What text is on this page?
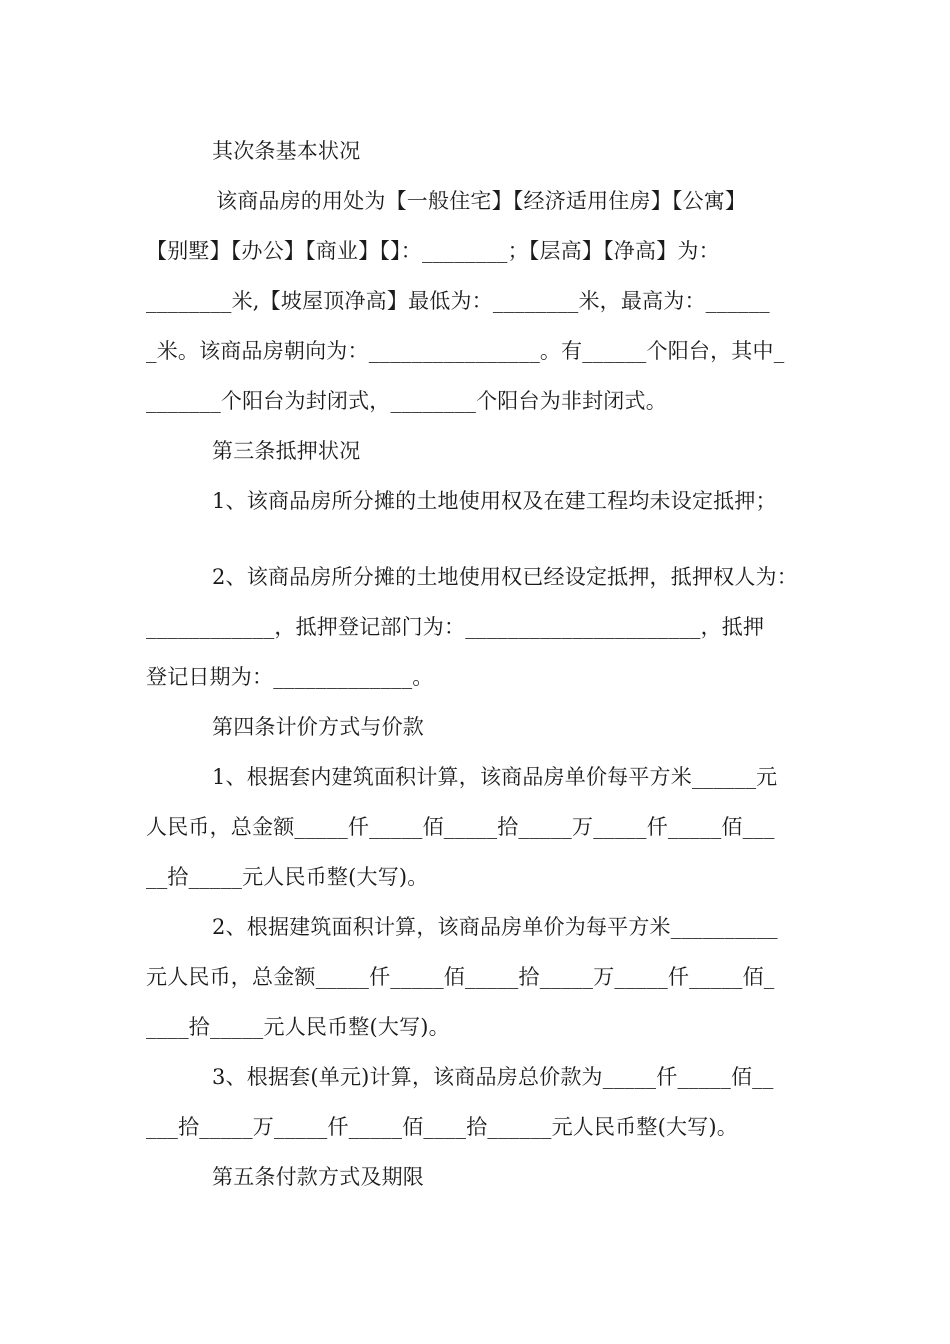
其次条基本状况

该商品房的用处为【一般住宅】【经济适用住房】【公寓】

【别墅】【办公】【商业】【】：________；【层高】【净高】为：

________米,【坡屋顶净高】最低为：________米，最高为：______

_米。该商品房朝向为：________________。有______个阳台，其中_

_______个阳台为封闭式，________个阳台为非封闭式。

第三条抵押状况

1、该商品房所分摊的土地使用权及在建工程均未设定抵押；

2、该商品房所分摊的土地使用权已经设定抵押，抵押权人为：

____________，抵押登记部门为：______________________，抵押

登记日期为：_____________。

第四条计价方式与价款

1、根据套内建筑面积计算，该商品房单价每平方米______元

人民币，总金额_____仟_____佰_____拾_____万_____仟_____佰___

__拾_____元人民币整(大写)。

2、根据建筑面积计算，该商品房单价为每平方米__________

元人民币，总金额_____仟_____佰_____拾_____万_____仟_____佰_

____拾_____元人民币整(大写)。

3、根据套(单元)计算，该商品房总价款为_____仟_____佰__

___拾_____万_____仟_____佰____拾______元人民币整(大写)。

第五条付款方式及期限
